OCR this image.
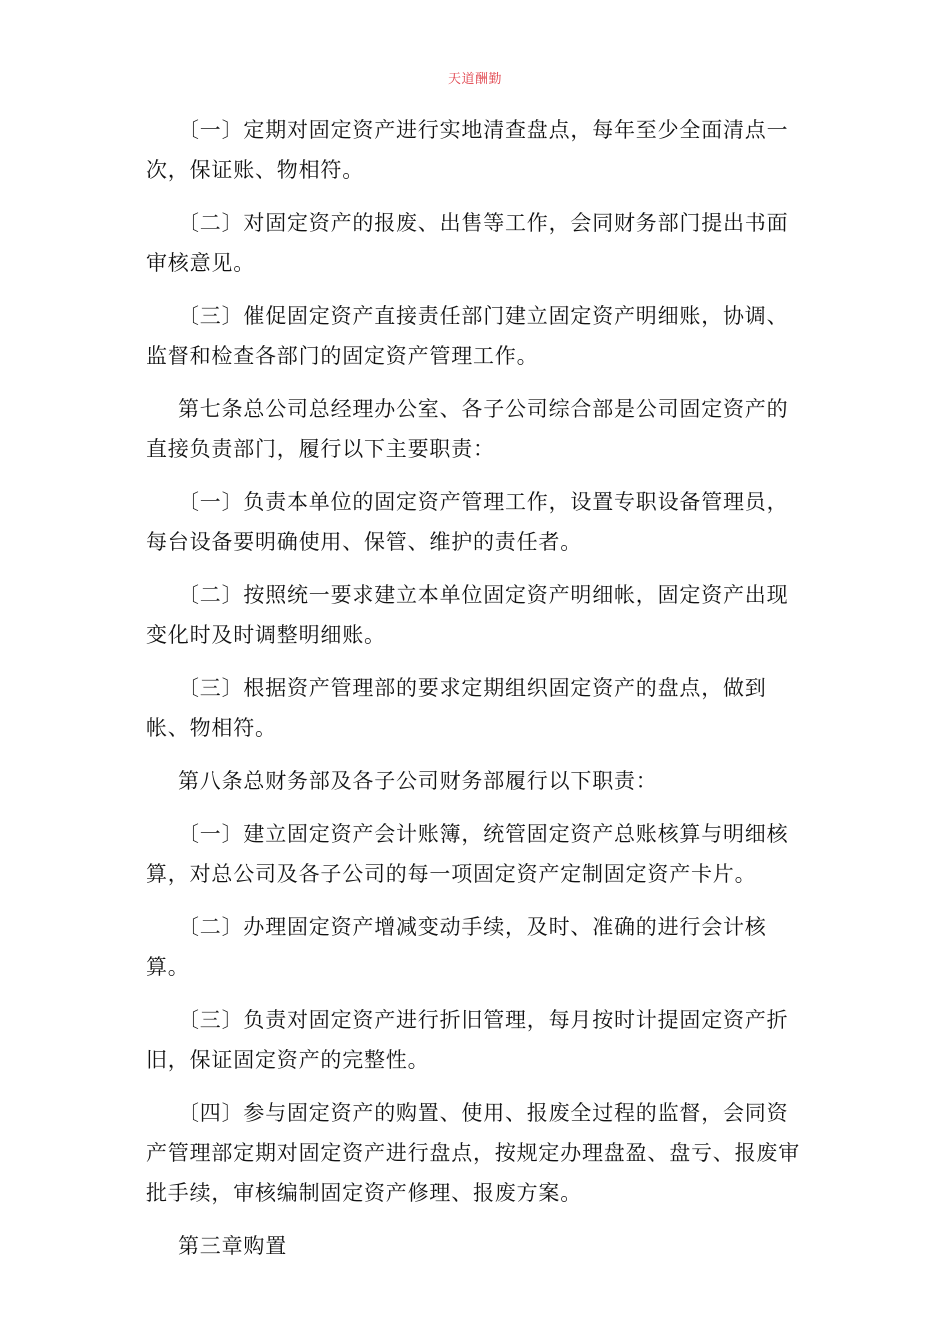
天道酬勤

〔一〕定期对固定资产进行实地清查盘点，每年至少全面清点一次，保证账、物相符。

〔二〕对固定资产的报废、出售等工作，会同财务部门提出书面审核意见。

〔三〕催促固定资产直接责任部门建立固定资产明细账，协调、监督和检查各部门的固定资产管理工作。

第七条总公司总经理办公室、各子公司综合部是公司固定资产的直接负责部门，履行以下主要职责：

〔一〕负责本单位的固定资产管理工作，设置专职设备管理员，每台设备要明确使用、保管、维护的责任者。

〔二〕按照统一要求建立本单位固定资产明细帐，固定资产出现变化时及时调整明细账。

〔三〕根据资产管理部的要求定期组织固定资产的盘点，做到帐、物相符。

第八条总财务部及各子公司财务部履行以下职责：

〔一〕建立固定资产会计账簿，统管固定资产总账核算与明细核算，对总公司及各子公司的每一项固定资产定制固定资产卡片。

〔二〕办理固定资产增减变动手续，及时、准确的进行会计核算。

〔三〕负责对固定资产进行折旧管理，每月按时计提固定资产折旧，保证固定资产的完整性。

〔四〕参与固定资产的购置、使用、报废全过程的监督，会同资产管理部定期对固定资产进行盘点，按规定办理盘盈、盘亏、报废审批手续，审核编制固定资产修理、报废方案。

第三章购置
